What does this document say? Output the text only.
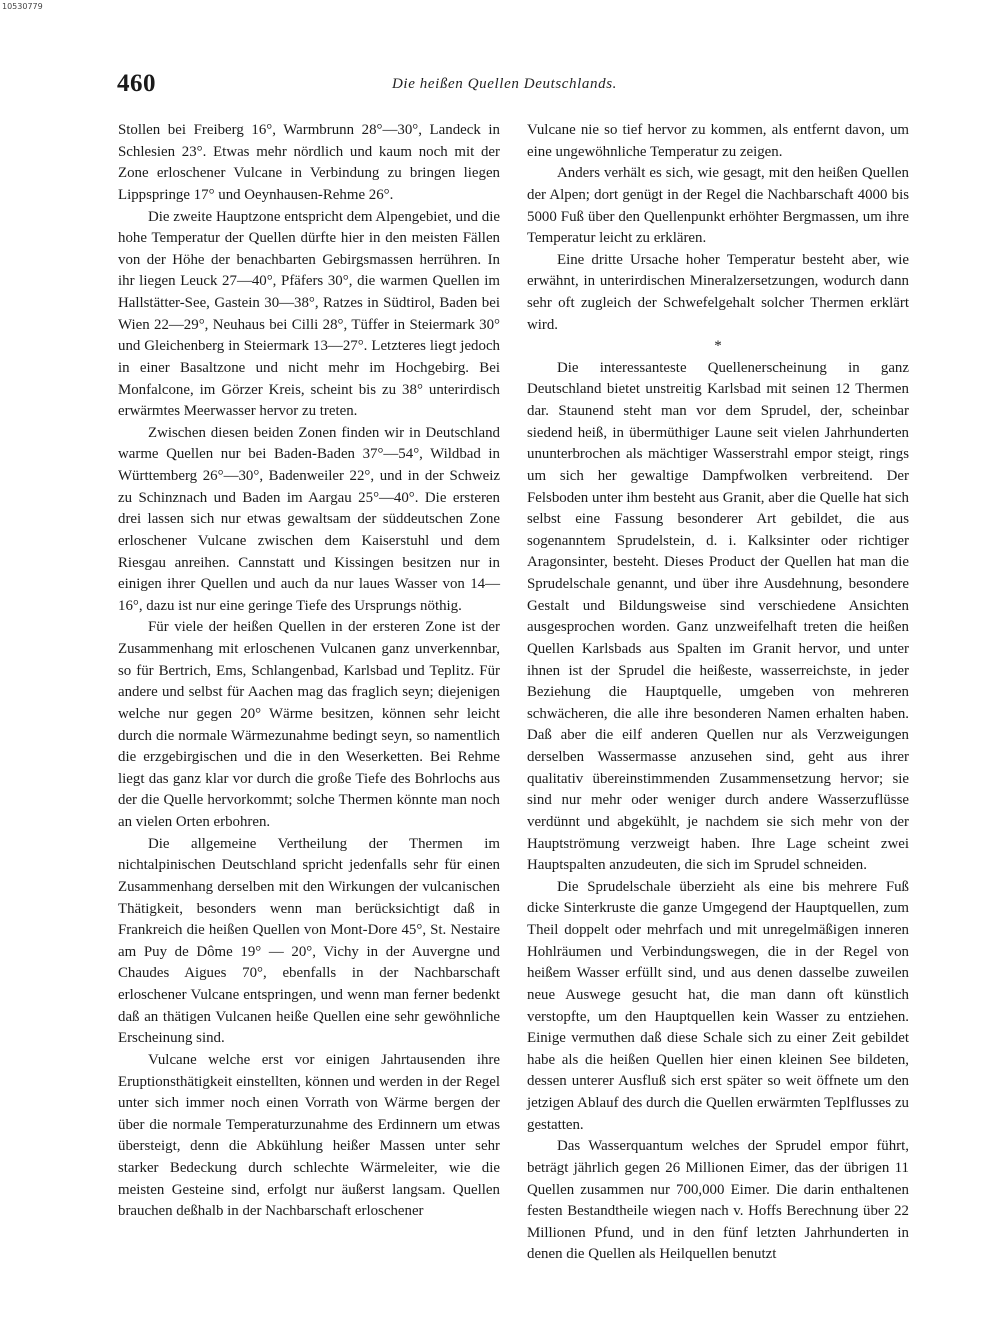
10530779
460	Die heißen Quellen Deutschlands.

Stollen bei Freiberg 16°, Warmbrunn 28°—30°, Landeck in Schlesien 23°. Etwas mehr nördlich und kaum noch mit der Zone erloschener Vulcane in Verbindung zu bringen liegen Lippspringe 17° und Oeynhausen-Rehme 26°.

Die zweite Hauptzone entspricht dem Alpengebiet, und die hohe Temperatur der Quellen dürfte hier in den meisten Fällen von der Höhe der benachbarten Gebirgsmassen herrühren. In ihr liegen Leuck 27—40°, Pfäfers 30°, die warmen Quellen im Hallstätter-See, Gastein 30—38°, Ratzes in Südtirol, Baden bei Wien 22—29°, Neuhaus bei Cilli 28°, Tüffer in Steiermark 30° und Gleichenberg in Steiermark 13—27°. Letzteres liegt jedoch in einer Basaltzone und nicht mehr im Hochgebirg. Bei Monfalcone, im Görzer Kreis, scheint bis zu 38° unterirdisch erwärmtes Meerwasser hervor zu treten.

Zwischen diesen beiden Zonen finden wir in Deutschland warme Quellen nur bei Baden-Baden 37°—54°, Wildbad in Württemberg 26°—30°, Badenweiler 22°, und in der Schweiz zu Schinznach und Baden im Aargau 25°—40°. Die ersteren drei lassen sich nur etwas gewaltsam der süddeutschen Zone erloschener Vulcane zwischen dem Kaiserstuhl und dem Riesgau anreihen. Cannstatt und Kissingen besitzen nur in einigen ihrer Quellen und auch da nur laues Wasser von 14—16°, dazu ist nur eine geringe Tiefe des Ursprungs nöthig.

Für viele der heißen Quellen in der ersteren Zone ist der Zusammenhang mit erloschenen Vulcanen ganz unverkennbar, so für Bertrich, Ems, Schlangenbad, Karlsbad und Teplitz. Für andere und selbst für Aachen mag das fraglich seyn; diejenigen welche nur gegen 20° Wärme besitzen, können sehr leicht durch die normale Wärmezunahme bedingt seyn, so namentlich die erzgebirgischen und die in den Weserketten. Bei Rehme liegt das ganz klar vor durch die große Tiefe des Bohrlochs aus der die Quelle hervorkommt; solche Thermen könnte man noch an vielen Orten erbohren.

Die allgemeine Vertheilung der Thermen im nichtalpinischen Deutschland spricht jedenfalls sehr für einen Zusammenhang derselben mit den Wirkungen der vulcanischen Thätigkeit, besonders wenn man berücksichtigt daß in Frankreich die heißen Quellen von Mont-Dore 45°, St. Nestaire am Puy de Dôme 19° — 20°, Vichy in der Auvergne und Chaudes Aigues 70°, ebenfalls in der Nachbarschaft erloschener Vulcane entspringen, und wenn man ferner bedenkt daß an thätigen Vulcanen heiße Quellen eine sehr gewöhnliche Erscheinung sind.

Vulcane welche erst vor einigen Jahrtausenden ihre Eruptionsthätigkeit einstellten, können und werden in der Regel unter sich immer noch einen Vorrath von Wärme bergen der über die normale Temperaturzunahme des Erdinnern um etwas übersteigt, denn die Abkühlung heißer Massen unter sehr starker Bedeckung durch schlechte Wärmeleiter, wie die meisten Gesteine sind, erfolgt nur äußerst langsam. Quellen brauchen deßhalb in der Nachbarschaft erloschener

Vulcane nie so tief hervor zu kommen, als entfernt davon, um eine ungewöhnliche Temperatur zu zeigen.

Anders verhält es sich, wie gesagt, mit den heißen Quellen der Alpen; dort genügt in der Regel die Nachbarschaft 4000 bis 5000 Fuß über den Quellenpunkt erhöhter Bergmassen, um ihre Temperatur leicht zu erklären.

Eine dritte Ursache hoher Temperatur besteht aber, wie erwähnt, in unterirdischen Mineralzersetzungen, wodurch dann sehr oft zugleich der Schwefelgehalt solcher Thermen erklärt wird.

*

Die interessanteste Quellenerscheinung in ganz Deutschland bietet unstreitig Karlsbad mit seinen 12 Thermen dar. Staunend steht man vor dem Sprudel, der, scheinbar siedend heiß, in übermüthiger Laune seit vielen Jahrhunderten ununterbrochen als mächtiger Wasserstrahl empor steigt, rings um sich her gewaltige Dampfwolken verbreitend. Der Felsboden unter ihm besteht aus Granit, aber die Quelle hat sich selbst eine Fassung besonderer Art gebildet, die aus sogenanntem Sprudelstein, d. i. Kalksinter oder richtiger Aragonsinter, besteht. Dieses Product der Quellen hat man die Sprudelschale genannt, und über ihre Ausdehnung, besondere Gestalt und Bildungsweise sind verschiedene Ansichten ausgesprochen worden. Ganz unzweifelhaft treten die heißen Quellen Karlsbads aus Spalten im Granit hervor, und unter ihnen ist der Sprudel die heißeste, wasserreichste, in jeder Beziehung die Hauptquelle, umgeben von mehreren schwächeren, die alle ihre besonderen Namen erhalten haben. Daß aber die eilf anderen Quellen nur als Verzweigungen derselben Wassermasse anzusehen sind, geht aus ihrer qualitativ übereinstimmenden Zusammensetzung hervor; sie sind nur mehr oder weniger durch andere Wasserzuflüsse verdünnt und abgekühlt, je nachdem sie sich mehr von der Hauptströmung verzweigt haben. Ihre Lage scheint zwei Hauptspalten anzudeuten, die sich im Sprudel schneiden.

Die Sprudelschale überzieht als eine bis mehrere Fuß dicke Sinterkruste die ganze Umgegend der Hauptquellen, zum Theil doppelt oder mehrfach und mit unregelmäßigen inneren Hohlräumen und Verbindungswegen, die in der Regel von heißem Wasser erfüllt sind, und aus denen dasselbe zuweilen neue Auswege gesucht hat, die man dann oft künstlich verstopfte, um den Hauptquellen kein Wasser zu entziehen. Einige vermuthen daß diese Schale sich zu einer Zeit gebildet habe als die heißen Quellen hier einen kleinen See bildeten, dessen unterer Ausfluß sich erst später so weit öffnete um den jetzigen Ablauf des durch die Quellen erwärmten Teplflusses zu gestatten.

Das Wasserquantum welches der Sprudel empor führt, beträgt jährlich gegen 26 Millionen Eimer, das der übrigen 11 Quellen zusammen nur 700,000 Eimer. Die darin enthaltenen festen Bestandtheile wiegen nach v. Hoffs Berechnung über 22 Millionen Pfund, und in den fünf letzten Jahrhunderten in denen die Quellen als Heilquellen benutzt
